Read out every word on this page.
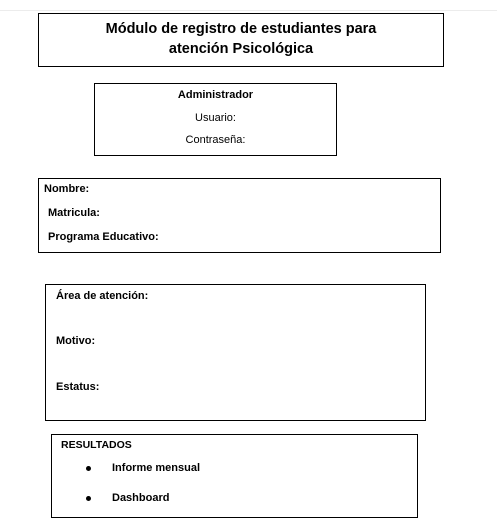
Módulo de registro de estudiantes para
atención Psicológica
Administrador
Usuario:
Contraseña:
Nombre:
Matricula:
Programa Educativo:
Área de atención:
Motivo:
Estatus:
RESULTADOS
Informe mensual
Dashboard
